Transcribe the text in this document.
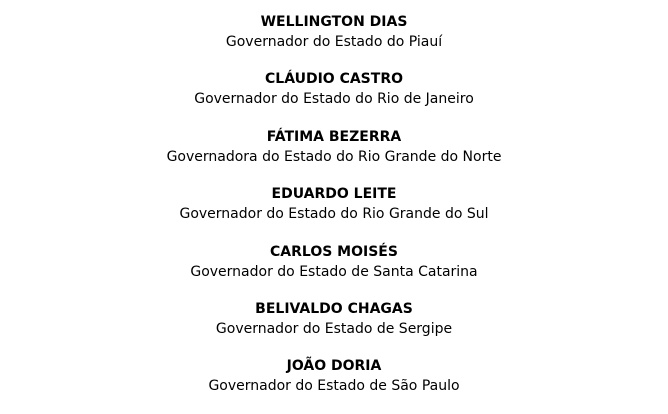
WELLINGTON DIAS
Governador do Estado do Piauí
CLÁUDIO CASTRO
Governador do Estado do Rio de Janeiro
FÁTIMA BEZERRA
Governadora do Estado do Rio Grande do Norte
EDUARDO LEITE
Governador do Estado do Rio Grande do Sul
CARLOS MOISÉS
Governador do Estado de Santa Catarina
BELIVALDO CHAGAS
Governador do Estado de Sergipe
JOÃO DORIA
Governador do Estado de São Paulo
